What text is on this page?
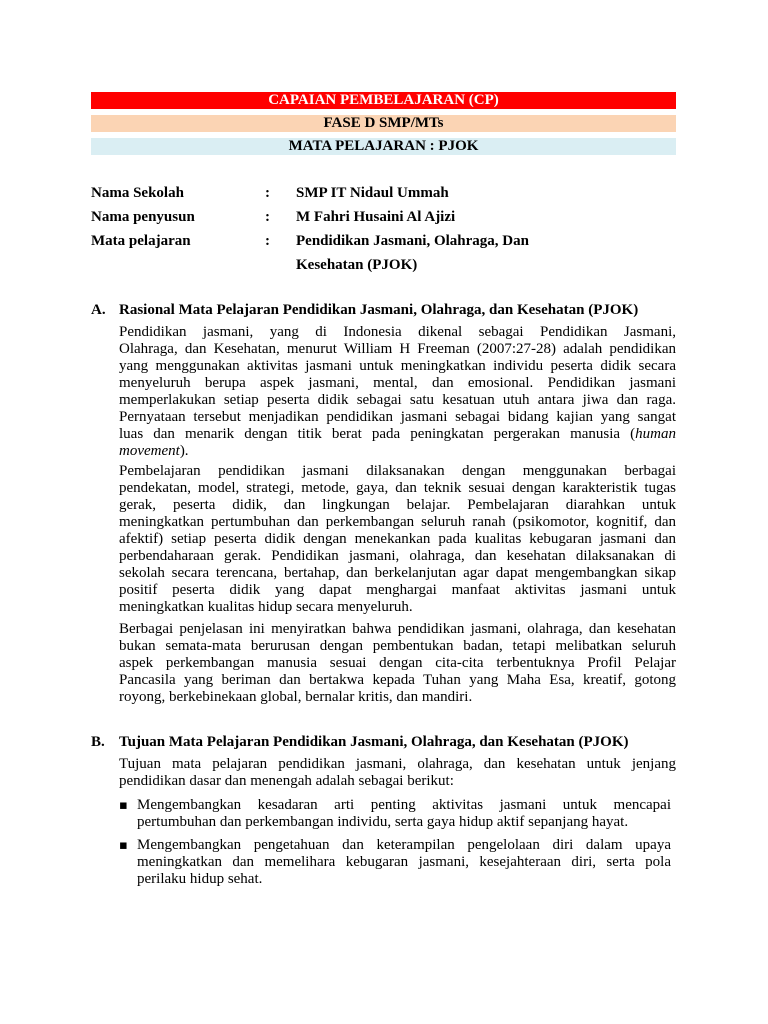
CAPAIAN PEMBELAJARAN (CP)
FASE D SMP/MTs
MATA PELAJARAN : PJOK
Nama Sekolah	:	SMP IT Nidaul Ummah
Nama penyusun	:	M Fahri Husaini Al Ajizi
Mata pelajaran	:	Pendidikan Jasmani, Olahraga, Dan
Kesehatan (PJOK)
A. Rasional Mata Pelajaran Pendidikan Jasmani, Olahraga, dan Kesehatan (PJOK)
Pendidikan jasmani, yang di Indonesia dikenal sebagai Pendidikan Jasmani,
Olahraga, dan Kesehatan, menurut William H Freeman (2007:27-28) adalah pendidikan
yang menggunakan aktivitas jasmani untuk meningkatkan individu peserta didik secara
menyeluruh berupa aspek jasmani, mental, dan emosional. Pendidikan jasmani
memperlakukan setiap peserta didik sebagai satu kesatuan utuh antara jiwa dan raga.
Pernyataan tersebut menjadikan pendidikan jasmani sebagai bidang kajian yang sangat
luas dan menarik dengan titik berat pada peningkatan pergerakan manusia (human
movement).
Pembelajaran pendidikan jasmani dilaksanakan dengan menggunakan berbagai
pendekatan, model, strategi, metode, gaya, dan teknik sesuai dengan karakteristik tugas
gerak, peserta didik, dan lingkungan belajar. Pembelajaran diarahkan untuk
meningkatkan pertumbuhan dan perkembangan seluruh ranah (psikomotor, kognitif, dan
afektif) setiap peserta didik dengan menekankan pada kualitas kebugaran jasmani dan
perbendaharaan gerak. Pendidikan jasmani, olahraga, dan kesehatan dilaksanakan di
sekolah secara terencana, bertahap, dan berkelanjutan agar dapat mengembangkan sikap
positif peserta didik yang dapat menghargai manfaat aktivitas jasmani untuk
meningkatkan kualitas hidup secara menyeluruh.
Berbagai penjelasan ini menyiratkan bahwa pendidikan jasmani, olahraga, dan kesehatan
bukan semata-mata berurusan dengan pembentukan badan, tetapi melibatkan seluruh
aspek perkembangan manusia sesuai dengan cita-cita terbentuknya Profil Pelajar
Pancasila yang beriman dan bertakwa kepada Tuhan yang Maha Esa, kreatif, gotong
royong, berkebinekaan global, bernalar kritis, dan mandiri.
B. Tujuan Mata Pelajaran Pendidikan Jasmani, Olahraga, dan Kesehatan (PJOK)
Tujuan mata pelajaran pendidikan jasmani, olahraga, dan kesehatan untuk jenjang
pendidikan dasar dan menengah adalah sebagai berikut:
▪ Mengembangkan kesadaran arti penting aktivitas jasmani untuk mencapai
pertumbuhan dan perkembangan individu, serta gaya hidup aktif sepanjang hayat.
▪ Mengembangkan pengetahuan dan keterampilan pengelolaan diri dalam upaya
meningkatkan dan memelihara kebugaran jasmani, kesejahteraan diri, serta pola
perilaku hidup sehat.
